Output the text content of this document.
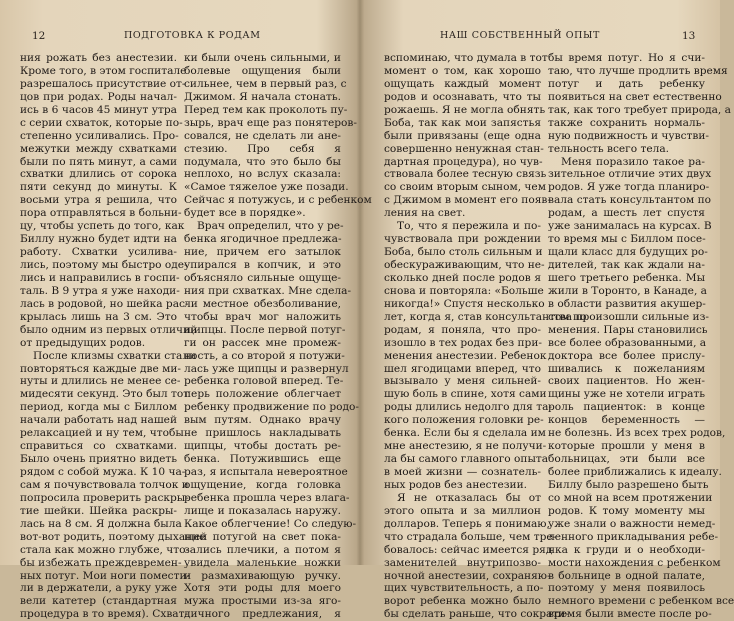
12	ПОДГОТОВКА К РОДАМ

ния рожать без анестезии.

Кроме того, в этом госпитале

разрешалось присутствие от-

цов при родах. Роды начал-

ись в 6 часов 45 минут утра

с серии схваток, которые по-

степенно усиливались. Про-

межутки между схватками

были по пять минут, а сами

схватки длились от сорока

пяти секунд до минуты. К

восьми утра я решила, что

пора отправляться в больни-

цу, чтобы успеть до того, как

Биллу нужно будет идти на

работу. Схватки усилива-

лись, поэтому мы быстро оде-

лись и направились в госпи-

таль. В 9 утра я уже находи-

лась в родовой, но шейка рас-

крылась лишь на 3 см. Это

было одним из первых отличий

от предыдущих родов.

После клизмы схватки стали

повторяться каждые две ми-

нуты и длились не менее се-

мидесяти секунд. Это был тот

период, когда мы с Биллом

начали работать над нашей

релаксацией и ну тем, чтобы

справиться со схватками.

Было очень приятно видеть

рядом с собой мужа. К 10 ча-

сам я почувствовала толчок и

попросила проверить раскры-

тие шейки. Шейка раскры-

лась на 8 см. Я должна была

вот-вот родить, поэтому дыхание

стала как можно глубже, что-

бы избежать преждевремен-

ных потуг. Мои ноги помести-

ли в держатели, а руку уже

вели катетер (стандартная

процедура в то время). Схват-

ки были очень сильными, и

болевые ощущения были

сильнее, чем в первый раз, с

Джимом. Я начала стонать.

Перед тем как проколоть пу-

зырь, врач еще раз понятеров-

совался, не сделать ли ане-

стезию. Про себя я

подумала, что это было бы

неплохо, но вслух сказала:

«Самое тяжелое уже позади.

Сейчас я потужусь, и с ребенком

будет все в порядке».

Врач определил, что у ре-

бенка ягодичное предлежа-

ние, причем его затылок

упирался в копчик, и это

объясняло сильные ощуще-

ния при схватках. Мне сдела-

ли местное обезболивание,

чтобы врач мог наложить

щипцы. После первой потуг-

ги он рассек мне промеж-

ность, а со второй я потужи-

лась уже щипцы и развернул

ребенка головой вперед. Те-

перь положение облегчает

ребенку продвижение по родо-

вым путям. Однако врачу

не пришлось накладывать

щипцы, чтобы достать ре-

бенка. Потужившись еще

раз, я испытала невероятное

ощущение, когда головка

ребенка прошла через влага-

лище и показалась наружу.

Какое облегчение! Со следую-

щей потугой на свет пока-

зались плечики, а потом я

увидела маленькие ножки

и размахивающую ручку.

Хотя эти роды для моего

мужа простыми из-за яго-

дичного предлежания, я

НАШ СОБСТВЕННЫЙ ОПЫТ	13

вспоминаю, что думала в тот

момент о том, как хорошо

ощущать каждый момент

родов и осознавать, что ты

рожаешь. Я не могла обнять

Боба, так как мои запястья

были привязаны (еще одна

совершенно ненужная стан-

дартная процедура), но чув-

ствовала более тесную связь

со своим вторым сыном, чем

с Джимом в момент его появ-

ления на свет.

То, что я пережила и по-

чувствовала при рождении

Боба, было столь сильным и

обескураживающим, что не-

сколько дней после родов я

снова и повторяла: «Больше

никогда!» Спустя несколько

лет, когда я, став консультантом по

родам, я поняла, что про-

изошло в тех родах без при-

менения анестезии. Ребенок

шел ягодицами вперед, что

вызывало у меня сильней-

шую боль в спине, хотя сами

роды длились недолго для та-

кого положения головки ре-

бенка. Если бы я сделала им

мне анестезию, я не получи-

ла бы самого главного опыта

в моей жизни — сознатель-

ных родов без анестезии.

Я не отказалась бы от

этого опыта и за миллион

долларов. Теперь я понимаю,

что страдала больше, чем тре-

бовалось: сейчас имеется ряд

заменителей внутрипозво-

ночной анестезии, сохраняю-

щих чувствительность, а по-

ворот ребенка можно было

бы сделать раньше, что сократи-

бы время потуг. Но я счи-

таю, что лучше продлить время

потуг и дать ребенку

появиться на свет естественно

так, как того требует природа, а

также сохранить нормаль-

ную подвижность и чувстви-

тельность всего тела.

Меня поразило такое ра-

зительное отличие этих двух

родов. Я уже тогда планиро-

вала стать консультантом по

родам, а шесть лет спустя

уже занималась на курсах. В

то время мы с Биллом посе-

щали класс для будущих ро-

дителей, так как ждали на-

шего третьего ребенка. Мы

жили в Торонто, в Канаде, а

в области развития акушер-

ства произошли сильные из-

менения. Пары становились

все более образованными, а

доктора все более прислу-

шивались к пожеланиям

своих пациентов. Но жен-

щины уже не хотели играть

роль пациенток: в конце

концов беременность —

не болезнь. Из всех трех родов,

которые прошли у меня в

больницах, эти были все

более приближались к идеалу.

Биллу было разрешено быть

со мной на всем протяжении

родов. К тому моменту мы

уже знали о важности немед-

ленного прикладывания ребе-

нка к груди и о необходи-

мости нахождения с ребенком

в больнице в одной палате,

поэтому у меня появилось

немного времени с ребенком все

время были вместе после ро-
